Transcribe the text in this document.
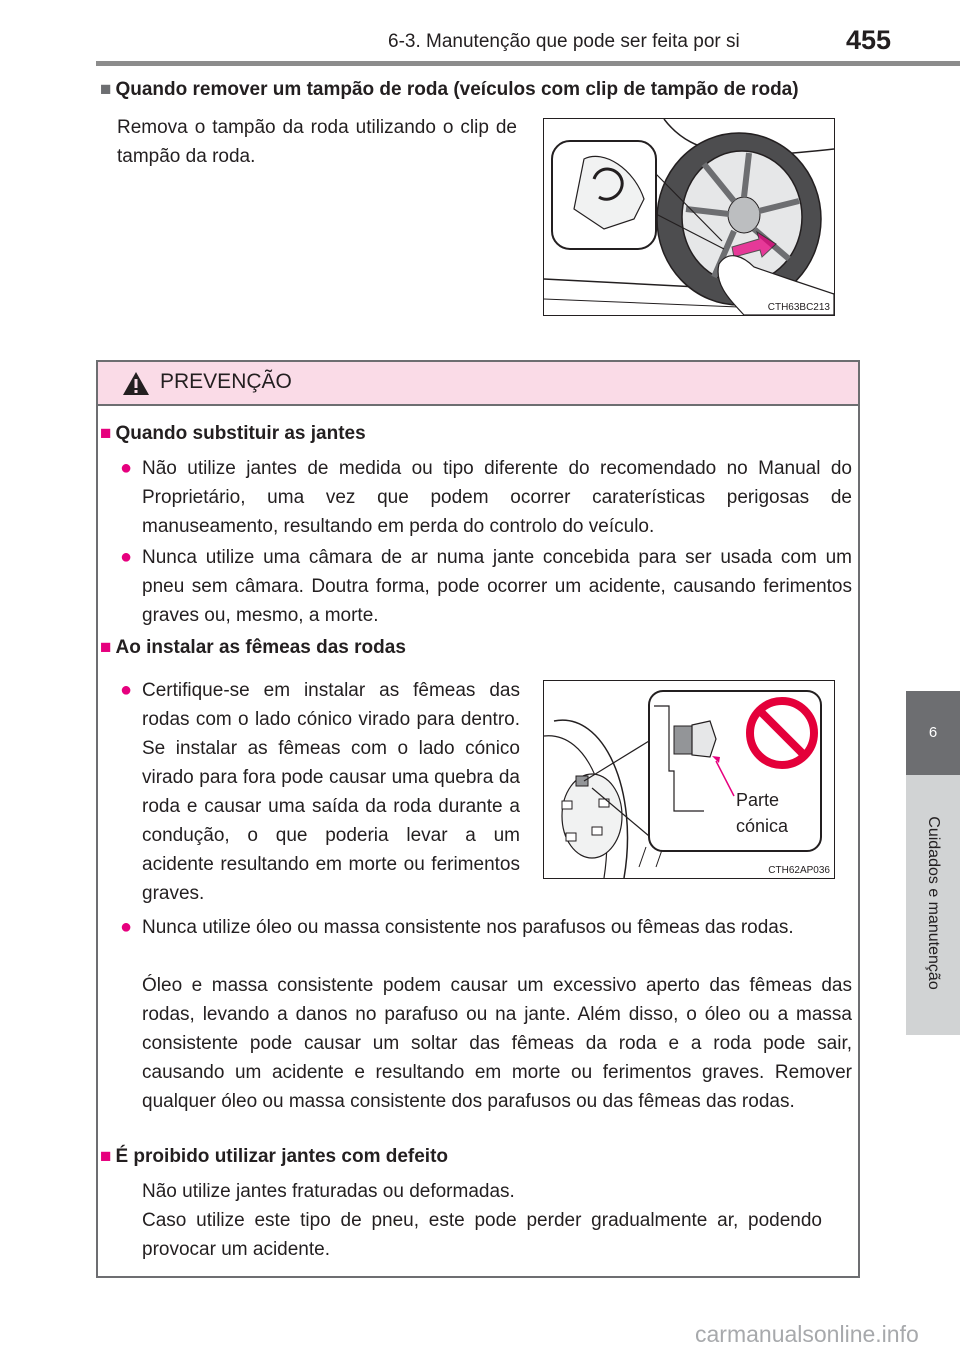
6-3. Manutenção que pode ser feita por si	455
6
Cuidados e manutenção
■ Quando remover um tampão de roda (veículos com clip de tampão de roda)
Remova o tampão da roda utilizando o clip de tampão da roda.
CTH63BC213
PREVENÇÃO
■ Quando substituir as jantes
● Não utilize jantes de medida ou tipo diferente do recomendado no Manual do Proprietário, uma vez que podem ocorrer caraterísticas perigosas de manuseamento, resultando em perda do controlo do veículo.
● Nunca utilize uma câmara de ar numa jante concebida para ser usada com um pneu sem câmara. Doutra forma, pode ocorrer um acidente, causando ferimentos graves ou, mesmo, a morte.
■ Ao instalar as fêmeas das rodas
● Certifique-se em instalar as fêmeas das rodas com o lado cónico virado para dentro. Se instalar as fêmeas com o lado cónico virado para fora pode causar uma quebra da roda e causar uma saída da roda durante a condução, o que poderia levar a um acidente resultando em morte ou ferimentos graves.
Parte cónica
CTH62AP036
● Nunca utilize óleo ou massa consistente nos parafusos ou fêmeas das rodas.
Óleo e massa consistente podem causar um excessivo aperto das fêmeas das rodas, levando a danos no parafuso ou na jante. Além disso, o óleo ou a massa consistente pode causar um soltar das fêmeas da roda e a roda pode sair, causando um acidente e resultando em morte ou ferimentos graves. Remover qualquer óleo ou massa consistente dos parafusos ou das fêmeas das rodas.
■ É proibido utilizar jantes com defeito
Não utilize jantes fraturadas ou deformadas.
Caso utilize este tipo de pneu, este pode perder gradualmente ar, podendo provocar um acidente.
carmanualsonline.info
